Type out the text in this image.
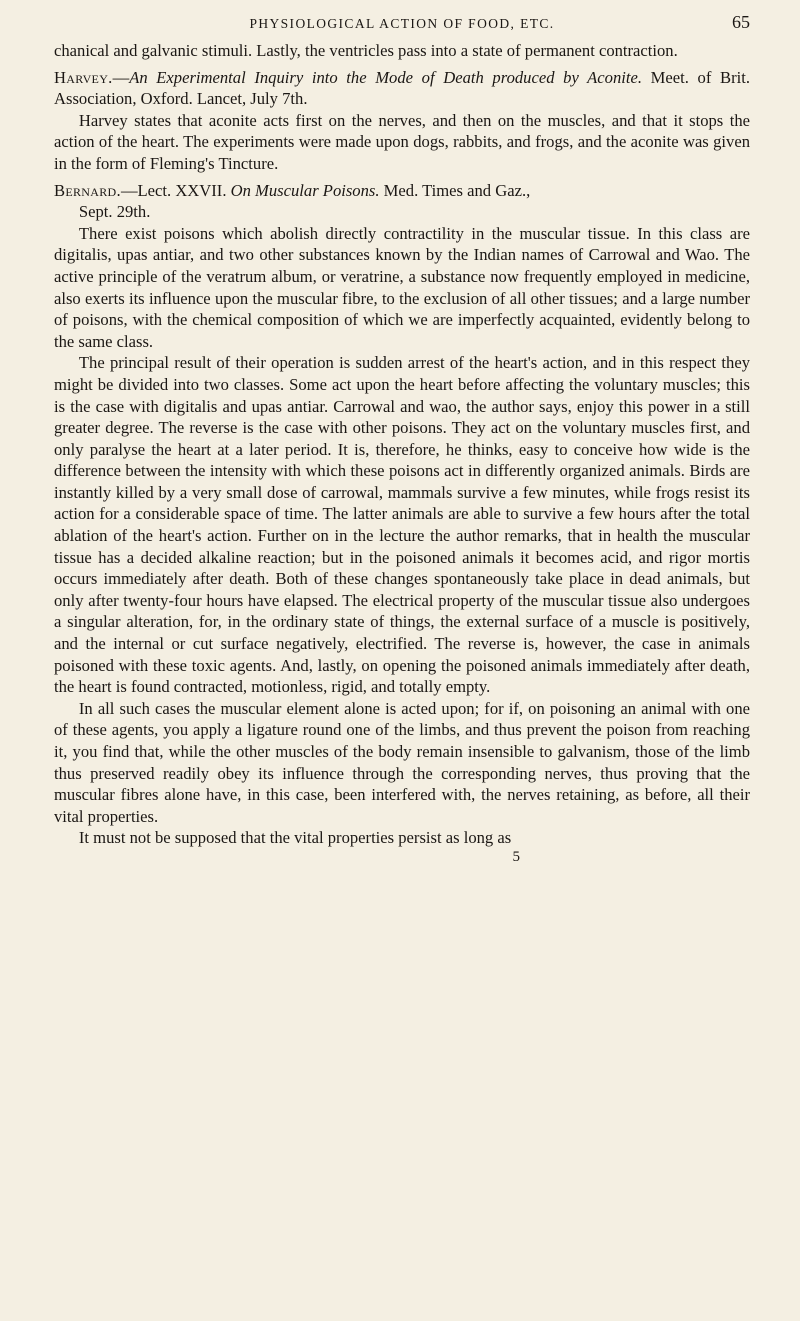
PHYSIOLOGICAL ACTION OF FOOD, ETC.	65

chanical and galvanic stimuli. Lastly, the ventricles pass into a state of permanent contraction.

Harvey.—An Experimental Inquiry into the Mode of Death produced by Aconite. Meet. of Brit. Association, Oxford. Lancet, July 7th.

Harvey states that aconite acts first on the nerves, and then on the muscles, and that it stops the action of the heart. The experiments were made upon dogs, rabbits, and frogs, and the aconite was given in the form of Fleming's Tincture.

Bernard.—Lect. XXVII. On Muscular Poisons. Med. Times and Gaz.,
Sept. 29th.

There exist poisons which abolish directly contractility in the muscular tissue. In this class are digitalis, upas antiar, and two other substances known by the Indian names of Carrowal and Wao. The active principle of the veratrum album, or veratrine, a substance now frequently employed in medicine, also exerts its influence upon the muscular fibre, to the exclusion of all other tissues; and a large number of poisons, with the chemical composition of which we are imperfectly acquainted, evidently belong to the same class.

The principal result of their operation is sudden arrest of the heart's action, and in this respect they might be divided into two classes. Some act upon the heart before affecting the voluntary muscles; this is the case with digitalis and upas antiar. Carrowal and wao, the author says, enjoy this power in a still greater degree. The reverse is the case with other poisons. They act on the voluntary muscles first, and only paralyse the heart at a later period. It is, therefore, he thinks, easy to conceive how wide is the difference between the intensity with which these poisons act in differently organized animals. Birds are instantly killed by a very small dose of carrowal, mammals survive a few minutes, while frogs resist its action for a considerable space of time. The latter animals are able to survive a few hours after the total ablation of the heart's action. Further on in the lecture the author remarks, that in health the muscular tissue has a decided alkaline reaction; but in the poisoned animals it becomes acid, and rigor mortis occurs immediately after death. Both of these changes spontaneously take place in dead animals, but only after twenty-four hours have elapsed. The electrical property of the muscular tissue also undergoes a singular alteration, for, in the ordinary state of things, the external surface of a muscle is positively, and the internal or cut surface negatively, electrified. The reverse is, however, the case in animals poisoned with these toxic agents. And, lastly, on opening the poisoned animals immediately after death, the heart is found contracted, motionless, rigid, and totally empty.

In all such cases the muscular element alone is acted upon; for if, on poisoning an animal with one of these agents, you apply a ligature round one of the limbs, and thus prevent the poison from reaching it, you find that, while the other muscles of the body remain insensible to galvanism, those of the limb thus preserved readily obey its influence through the corresponding nerves, thus proving that the muscular fibres alone have, in this case, been interfered with, the nerves retaining, as before, all their vital properties.

It must not be supposed that the vital properties persist as long as

5
